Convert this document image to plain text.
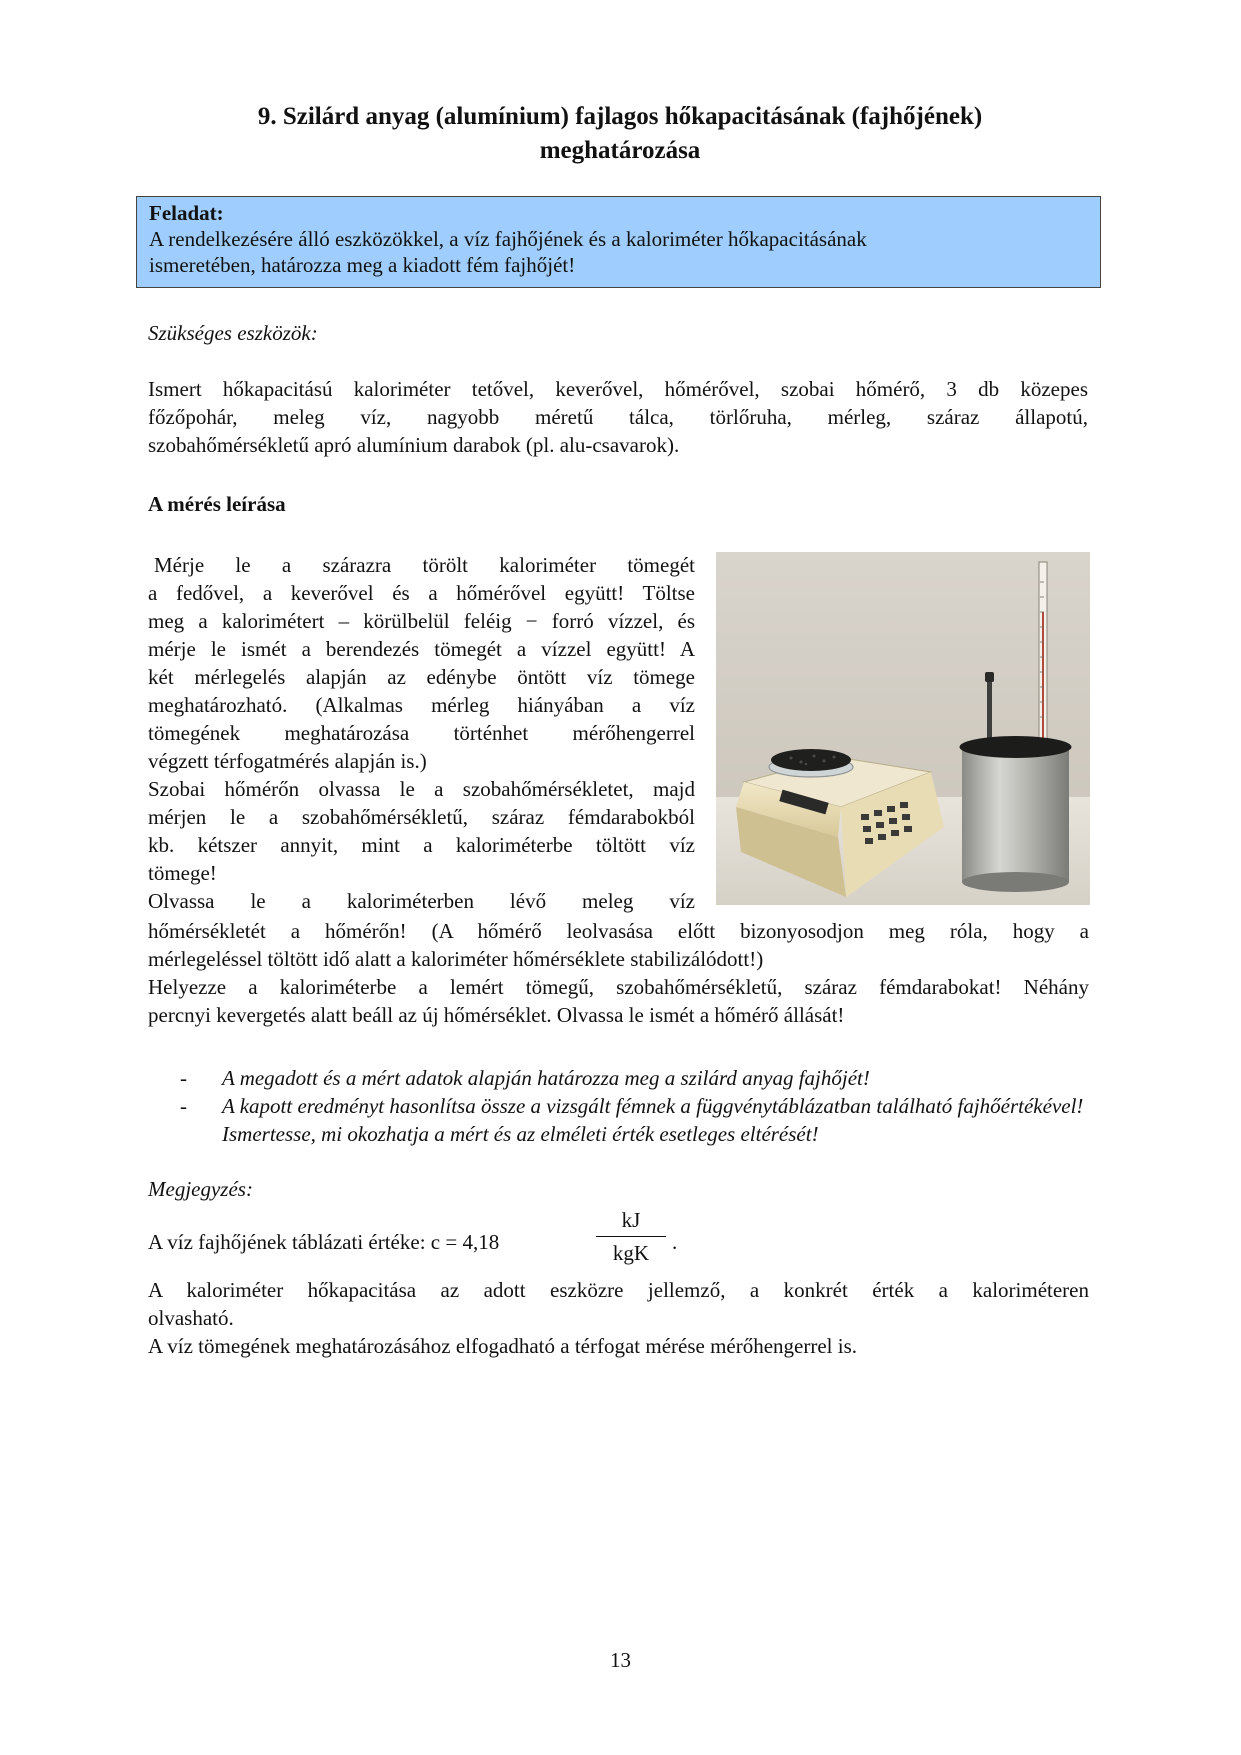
9. Szilárd anyag (alumínium) fajlagos hőkapacitásának (fajhőjének)
meghatározása
Feladat:
A rendelkezésére álló eszközökkel, a víz fajhőjének és a kaloriméter hőkapacitásának
ismeretében, határozza meg a kiadott fém fajhőjét!
Szükséges eszközök:
Ismert hőkapacitású kaloriméter tetővel, keverővel, hőmérővel, szobai hőmérő, 3 db közepes
főzőpohár, meleg víz, nagyobb méretű tálca, törlőruha, mérleg, száraz állapotú,
szobahőmérsékletű apró alumínium darabok (pl. alu-csavarok).
A mérés leírása
Mérje le a szárazra törölt kaloriméter tömegét
a fedővel, a keverővel és a hőmérővel együtt! Töltse
meg a kalorimétert – körülbelül feléig − forró vízzel, és
mérje le ismét a berendezés tömegét a vízzel együtt! A
két mérlegelés alapján az edénybe öntött víz tömege
meghatározható. (Alkalmas mérleg hiányában a víz
tömegének meghatározása történhet mérőhengerrel
végzett térfogatmérés alapján is.)
Szobai hőmérőn olvassa le a szobahőmérsékletet, majd
mérjen le a szobahőmérsékletű, száraz fémdarabokból
kb. kétszer annyit, mint a kaloriméterbe töltött víz
tömege!
Olvassa le a kaloriméterben lévő meleg víz
hőmérsékletét a hőmérőn! (A hőmérő leolvasása előtt bizonyosodjon meg róla, hogy a
mérlegeléssel töltött idő alatt a kaloriméter hőmérséklete stabilizálódott!)
Helyezze a kaloriméterbe a lemért tömegű, szobahőmérsékletű, száraz fémdarabokat! Néhány
percnyi kevergetés alatt beáll az új hőmérséklet. Olvassa le ismét a hőmérő állását!
- A megadott és a mért adatok alapján határozza meg a szilárd anyag fajhőjét!
- A kapott eredményt hasonlítsa össze a vizsgált fémnek a függvénytáblázatban található fajhőértékével! Ismertesse, mi okozhatja a mért és az elméleti érték esetleges eltérését!
Megjegyzés:
A víz fajhőjének táblázati értéke: c = 4,18
kJ
kgK	.
A kaloriméter hőkapacitása az adott eszközre jellemző, a konkrét érték a kaloriméteren
olvasható.
A víz tömegének meghatározásához elfogadható a térfogat mérése mérőhengerrel is.
13
